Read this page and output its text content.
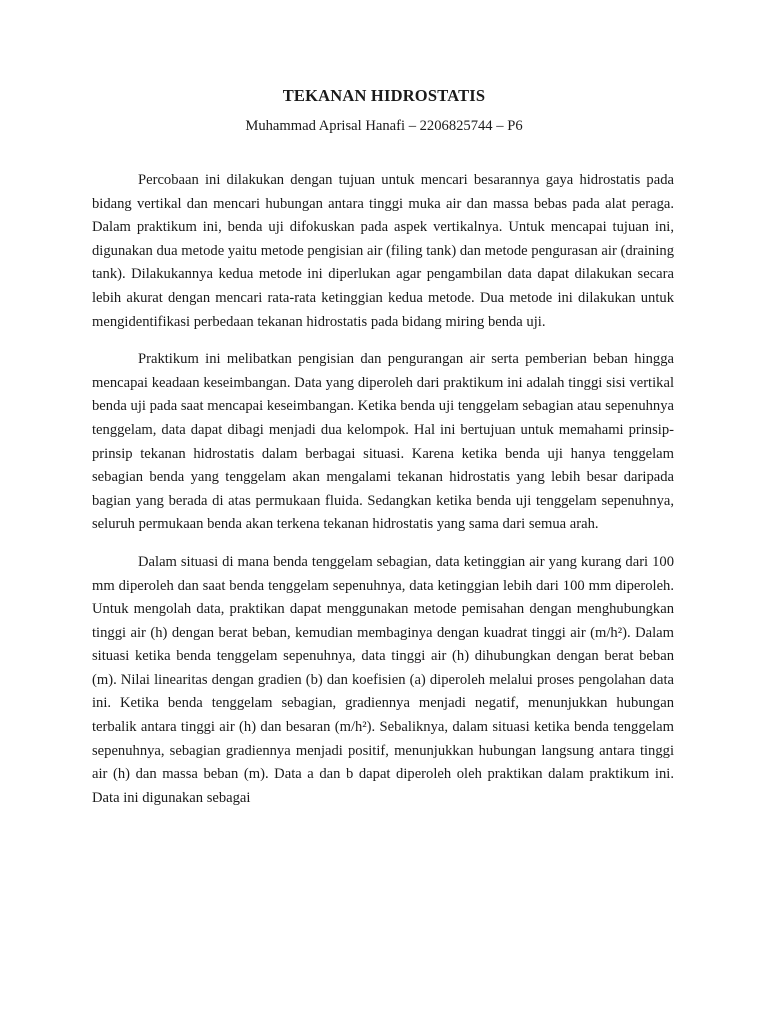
TEKANAN HIDROSTATIS

Muhammad Aprisal Hanafi – 2206825744 – P6

Percobaan ini dilakukan dengan tujuan untuk mencari besarannya gaya hidrostatis pada bidang vertikal dan mencari hubungan antara tinggi muka air dan massa bebas pada alat peraga. Dalam praktikum ini, benda uji difokuskan pada aspek vertikalnya. Untuk mencapai tujuan ini, digunakan dua metode yaitu metode pengisian air (filing tank) dan metode pengurasan air (draining tank). Dilakukannya kedua metode ini diperlukan agar pengambilan data dapat dilakukan secara lebih akurat dengan mencari rata-rata ketinggian kedua metode. Dua metode ini dilakukan untuk mengidentifikasi perbedaan tekanan hidrostatis pada bidang miring benda uji.

Praktikum ini melibatkan pengisian dan pengurangan air serta pemberian beban hingga mencapai keadaan keseimbangan. Data yang diperoleh dari praktikum ini adalah tinggi sisi vertikal benda uji pada saat mencapai keseimbangan. Ketika benda uji tenggelam sebagian atau sepenuhnya tenggelam, data dapat dibagi menjadi dua kelompok. Hal ini bertujuan untuk memahami prinsip-prinsip tekanan hidrostatis dalam berbagai situasi. Karena ketika benda uji hanya tenggelam sebagian benda yang tenggelam akan mengalami tekanan hidrostatis yang lebih besar daripada bagian yang berada di atas permukaan fluida. Sedangkan ketika benda uji tenggelam sepenuhnya, seluruh permukaan benda akan terkena tekanan hidrostatis yang sama dari semua arah.

Dalam situasi di mana benda tenggelam sebagian, data ketinggian air yang kurang dari 100 mm diperoleh dan saat benda tenggelam sepenuhnya, data ketinggian lebih dari 100 mm diperoleh. Untuk mengolah data, praktikan dapat menggunakan metode pemisahan dengan menghubungkan tinggi air (h) dengan berat beban, kemudian membaginya dengan kuadrat tinggi air (m/h²). Dalam situasi ketika benda tenggelam sepenuhnya, data tinggi air (h) dihubungkan dengan berat beban (m). Nilai linearitas dengan gradien (b) dan koefisien (a) diperoleh melalui proses pengolahan data ini. Ketika benda tenggelam sebagian, gradiennya menjadi negatif, menunjukkan hubungan terbalik antara tinggi air (h) dan besaran (m/h²). Sebaliknya, dalam situasi ketika benda tenggelam sepenuhnya, sebagian gradiennya menjadi positif, menunjukkan hubungan langsung antara tinggi air (h) dan massa beban (m). Data a dan b dapat diperoleh oleh praktikan dalam praktikum ini. Data ini digunakan sebagai
